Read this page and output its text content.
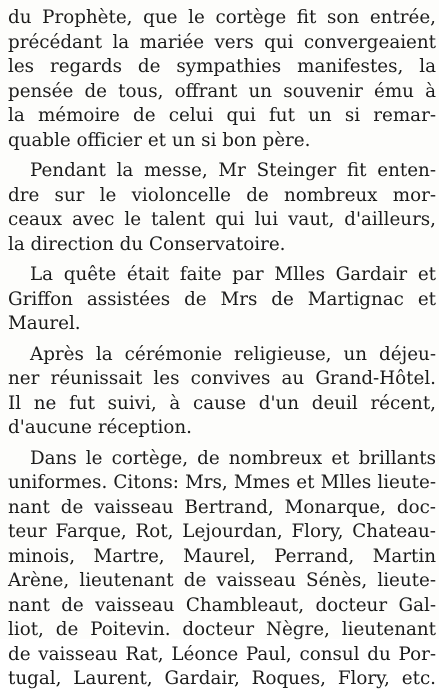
du Prophète, que le cortège fit son entrée,
précédant la mariée vers qui convergeaient
les regards de sympathies manifestes, la
pensée de tous, offrant un souvenir ému à
la mémoire de celui qui fut un si remar-
quable officier et un si bon père.

Pendant la messe, Mr Steinger fit enten-
dre sur le violoncelle de nombreux mor-
ceaux avec le talent qui lui vaut, d'ailleurs,
la direction du Conservatoire.

La quête était faite par Mlles Gardair et
Griffon assistées de Mrs de Martignac et
Maurel.

Après la cérémonie religieuse, un déjeu-
ner réunissait les convives au Grand-Hôtel.
Il ne fut suivi, à cause d'un deuil récent,
d'aucune réception.

Dans le cortège, de nombreux et brillants
uniformes. Citons: Mrs, Mmes et Mlles lieute-
nant de vaisseau Bertrand, Monarque, doc-
teur Farque, Rot, Lejourdan, Flory, Chateau-
minois, Martre, Maurel, Perrand, Martin
Arène, lieutenant de vaisseau Sénès, lieute-
nant de vaisseau Chambleaut, docteur Gal-
liot, de Poitevin. docteur Nègre, lieutenant
de vaisseau Rat, Léonce Paul, consul du Por-
tugal, Laurent, Gardair, Roques, Flory, etc.
